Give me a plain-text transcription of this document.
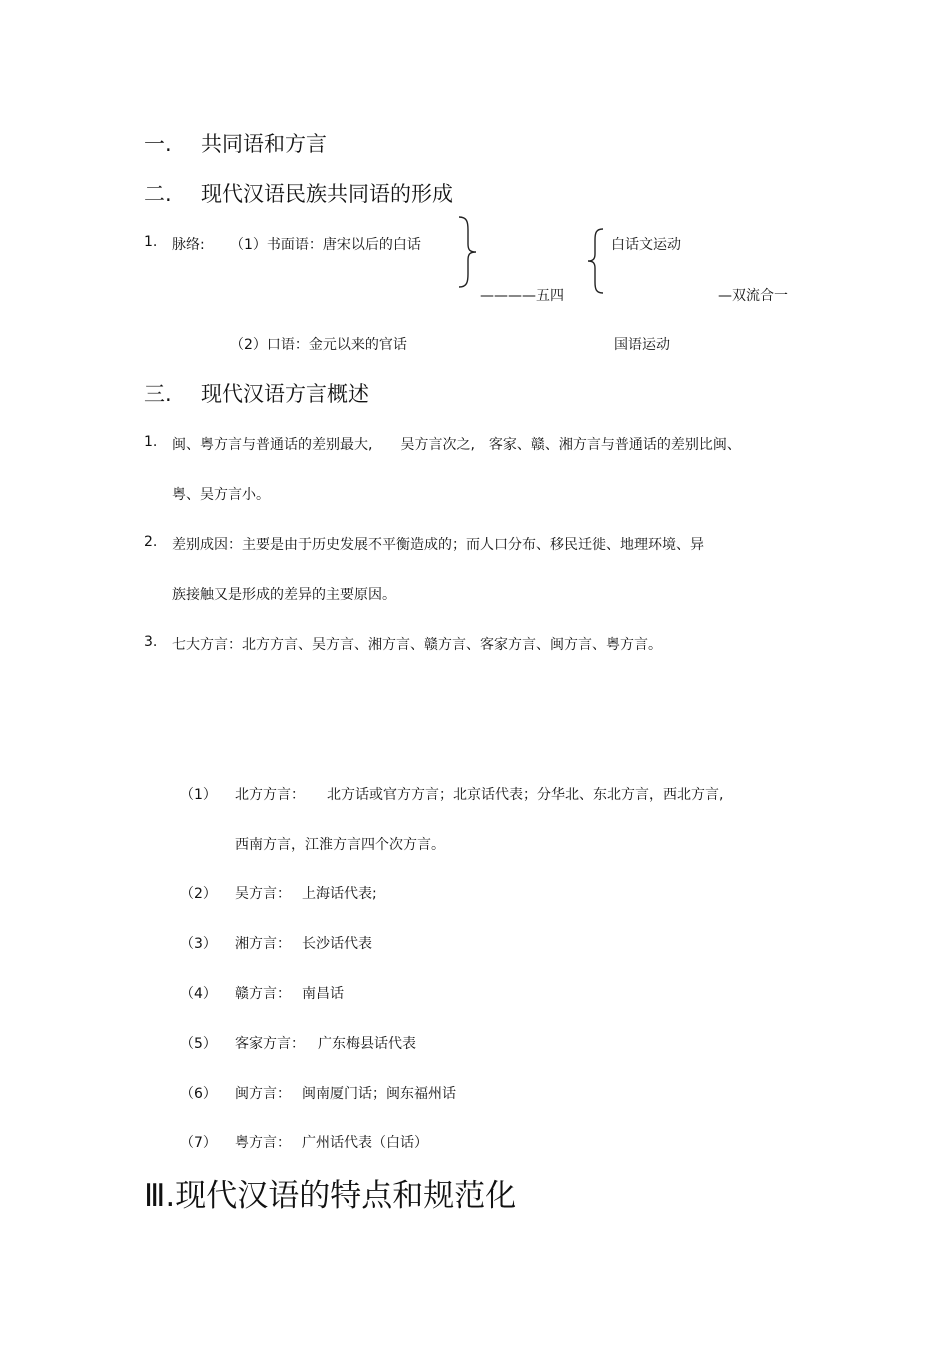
一. 共同语和方言
二. 现代汉语民族共同语的形成
1. 脉络: （1）书面语：唐宋以后的白话
————五四
白话文运动
—双流合一
（2）口语：金元以来的官话	国语运动
三. 现代汉语方言概述
1. 闽、粤方言与普通话的差别最大,　　吴方言次之,　客家、赣、湘方言与普通话的差别比闽、
粤、吴方言小。
2. 差别成因：主要是由于历史发展不平衡造成的；而人口分布、移民迁徙、地理环境、异
族接触又是形成的差异的主要原因。
3. 七大方言：北方方言、吴方言、湘方言、赣方言、客家方言、闽方言、粤方言。
（1） 北方方言： 北方话或官方方言；北京话代表；分华北、东北方言，西北方言,
西南方言，江淮方言四个次方言。
（2） 吴方言： 上海话代表;
（3） 湘方言： 长沙话代表
（4） 赣方言： 南昌话
（5） 客家方言： 广东梅县话代表
（6） 闽方言： 闽南厦门话；闽东福州话
（7） 粤方言： 广州话代表（白话）
Ⅲ.现代汉语的特点和规范化
